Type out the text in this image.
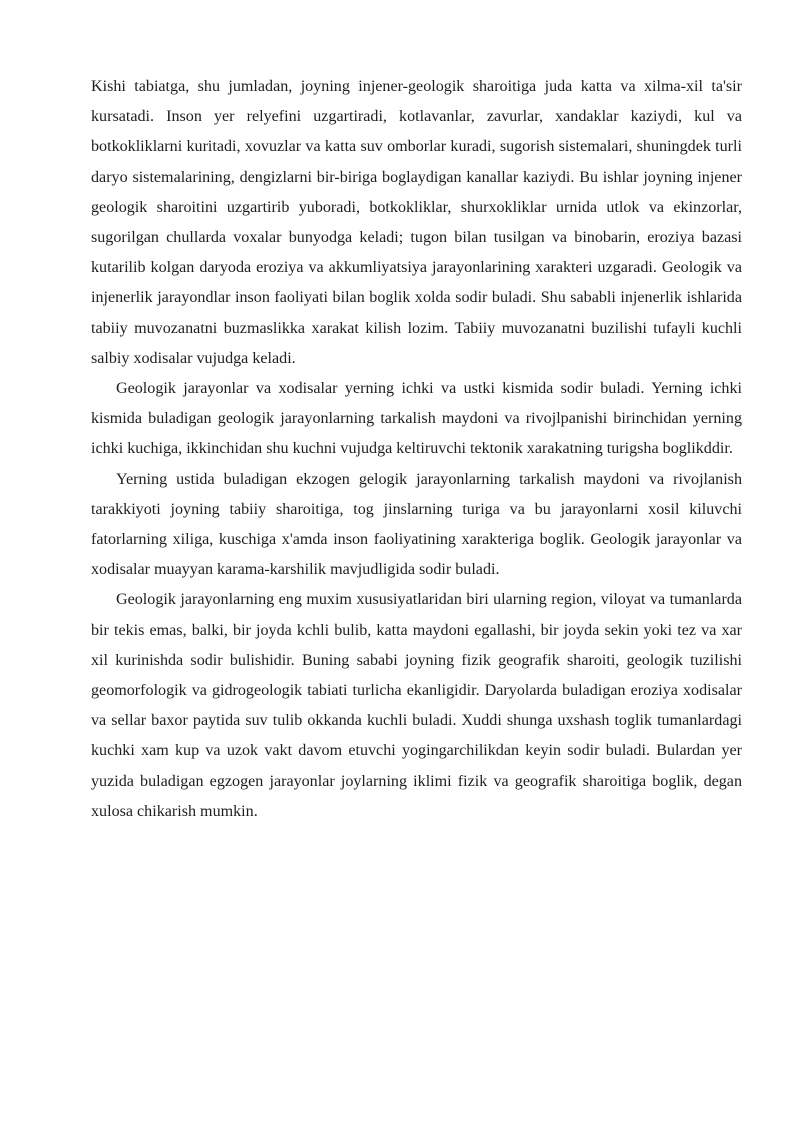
Kishi tabiatga, shu jumladan, joyning injener-geologik sharoitiga juda katta va xilma-xil ta'sir kursatadi. Inson yer relyefini uzgartiradi, kotlavanlar, zavurlar, xandaklar kaziydi, kul va botkokliklarni kuritadi, xovuzlar va katta suv omborlar kuradi, sugorish sistemalari, shuningdek turli daryo sistemalarining, dengizlarni bir-biriga boglaydigan kanallar kaziydi. Bu ishlar joyning injener geologik sharoitini uzgartirib yuboradi, botkokliklar, shurxokliklar urnida utlok va ekinzorlar, sugorilgan chullarda voxalar bunyodga keladi; tugon bilan tusilgan va binobarin, eroziya bazasi kutarilib kolgan daryoda eroziya va akkumliyatsiya jarayonlarining xarakteri uzgaradi. Geologik va injenerlik jarayondlar inson faoliyati bilan boglik xolda sodir buladi. Shu sababli injenerlik ishlarida tabiiy muvozanatni buzmaslikka xarakat kilish lozim. Tabiiy muvozanatni buzilishi tufayli kuchli salbiy xodisalar vujudga keladi.

Geologik jarayonlar va xodisalar yerning ichki va ustki kismida sodir buladi. Yerning ichki kismida buladigan geologik jarayonlarning tarkalish maydoni va rivojlpanishi birinchidan yerning ichki kuchiga, ikkinchidan shu kuchni vujudga keltiruvchi tektonik xarakatning turigsha boglikddir.

Yerning ustida buladigan ekzogen gelogik jarayonlarning tarkalish maydoni va rivojlanish tarakkiyoti joyning tabiiy sharoitiga, tog jinslarning turiga va bu jarayonlarni xosil kiluvchi fatorlarning xiliga, kuschiga x'amda inson faoliyatining xarakteriga boglik. Geologik jarayonlar va xodisalar muayyan karama-karshilik mavjudligida sodir buladi.

Geologik jarayonlarning eng muxim xususiyatlaridan biri ularning region, viloyat va tumanlarda bir tekis emas, balki, bir joyda kchli bulib, katta maydoni egallashi, bir joyda sekin yoki tez va xar xil kurinishda sodir bulishidir. Buning sababi joyning fizik geografik sharoiti, geologik tuzilishi geomorfologik va gidrogeologik tabiati turlicha ekanligidir. Daryolarda buladigan eroziya xodisalar va sellar baxor paytida suv tulib okkanda kuchli buladi. Xuddi shunga uxshash toglik tumanlardagi kuchki xam kup va uzok vakt davom etuvchi yogingarchilikdan keyin sodir buladi. Bulardan yer yuzida buladigan egzogen jarayonlar joylarning iklimi fizik va geografik sharoitiga boglik, degan xulosa chikarish mumkin.
